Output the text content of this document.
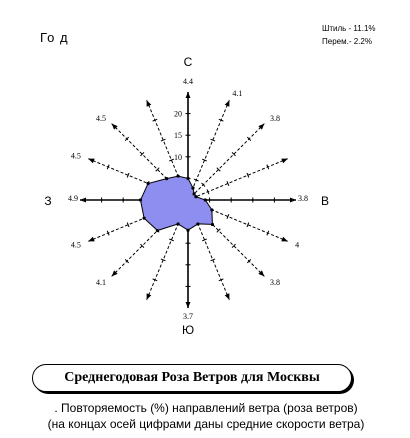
Го д
Штиль - 11.1%
Перем.- 2.2%
10
15
20
4.4
4.1
3.8
3.8
4
3.8
3.7
4.1
4.5
4.9
4.5
4.5
С
Ю
В
З
Среднегодовая Роза Ветров для Москвы
. Повторяемость (%) направлений ветра (роза ветров)
(на концах осей цифрами даны средние скорости ветра)
